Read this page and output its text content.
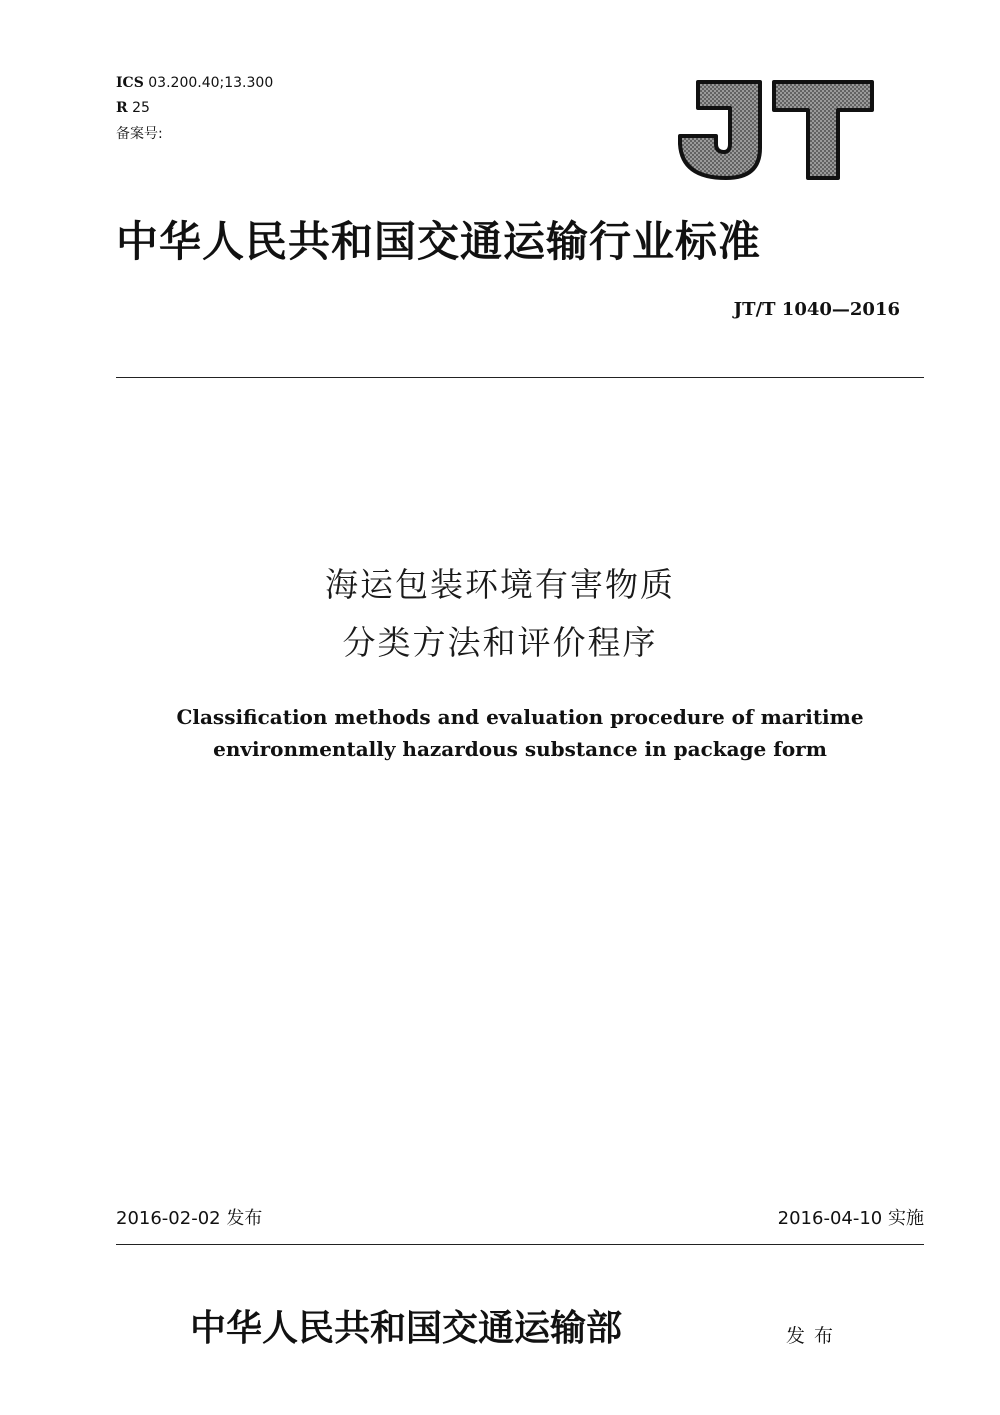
ICS 03.200.40;13.300
R 25
备案号:
中华人民共和国交通运输行业标准
JT/T 1040—2016
海运包装环境有害物质
分类方法和评价程序
Classification methods and evaluation procedure of maritime
environmentally hazardous substance in package form
2016-02-02 发布	2016-04-10 实施
中华人民共和国交通运输部	发布
